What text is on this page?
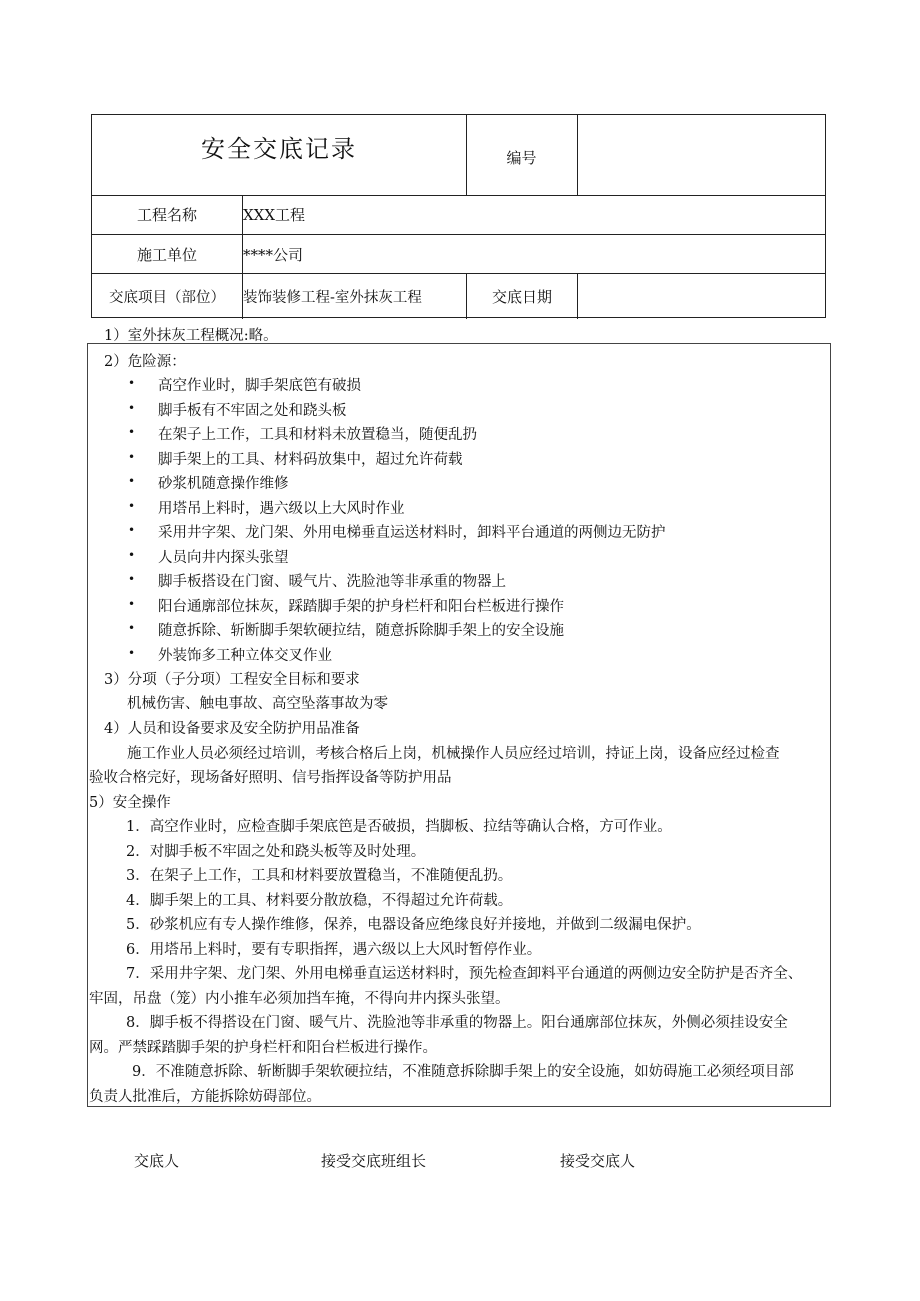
安全交底记录	编号
工程名称	XXX工程
施工单位	****公司
交底项目（部位）	装饰装修工程-室外抹灰工程	交底日期
1）室外抹灰工程概况:略。
2）危险源：
• 高空作业时，脚手架底笆有破损
• 脚手板有不牢固之处和跷头板
• 在架子上工作，工具和材料未放置稳当，随便乱扔
• 脚手架上的工具、材料码放集中，超过允许荷载
• 砂浆机随意操作维修
• 用塔吊上料时，遇六级以上大风时作业
• 采用井字架、龙门架、外用电梯垂直运送材料时，卸料平台通道的两侧边无防护
• 人员向井内探头张望
• 脚手板搭设在门窗、暖气片、洗脸池等非承重的物器上
• 阳台通廓部位抹灰，踩踏脚手架的护身栏杆和阳台栏板进行操作
• 随意拆除、斩断脚手架软硬拉结，随意拆除脚手架上的安全设施
• 外装饰多工种立体交叉作业
3）分项（子分项）工程安全目标和要求
机械伤害、触电事故、高空坠落事故为零
4）人员和设备要求及安全防护用品准备
施工作业人员必须经过培训，考核合格后上岗，机械操作人员应经过培训，持证上岗，设备应经过检查
验收合格完好，现场备好照明、信号指挥设备等防护用品
5）安全操作
1．高空作业时，应检查脚手架底笆是否破损，挡脚板、拉结等确认合格，方可作业。
2．对脚手板不牢固之处和跷头板等及时处理。
3．在架子上工作，工具和材料要放置稳当，不准随便乱扔。
4．脚手架上的工具、材料要分散放稳，不得超过允许荷载。
5．砂浆机应有专人操作维修，保养，电器设备应绝缘良好并接地，并做到二级漏电保护。
6．用塔吊上料时，要有专职指挥，遇六级以上大风时暂停作业。
7．采用井字架、龙门架、外用电梯垂直运送材料时，预先检查卸料平台通道的两侧边安全防护是否齐全、
牢固，吊盘（笼）内小推车必须加挡车掩，不得向井内探头张望。
8．脚手板不得搭设在门窗、暖气片、洗脸池等非承重的物器上。阳台通廓部位抹灰，外侧必须挂设安全
网。严禁踩踏脚手架的护身栏杆和阳台栏板进行操作。
9．不准随意拆除、斩断脚手架软硬拉结，不准随意拆除脚手架上的安全设施，如妨碍施工必须经项目部
负责人批准后，方能拆除妨碍部位。
交底人	接受交底班组长	接受交底人
